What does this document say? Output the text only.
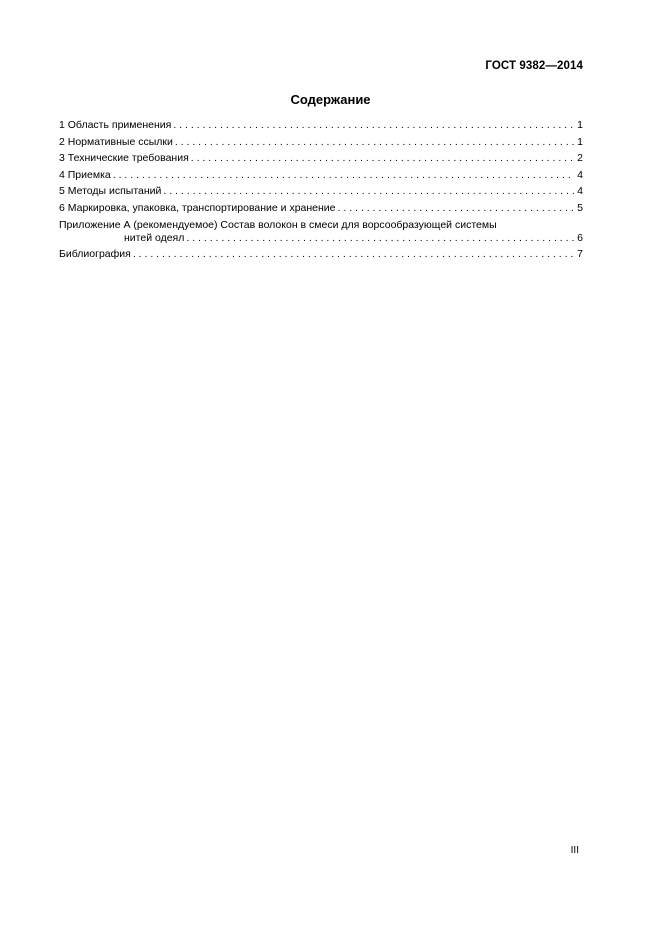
ГОСТ 9382—2014
Содержание
1 Область применения . . .	1
2 Нормативные ссылки . . .	1
3 Технические требования . . .	2
4 Приемка . . .	4
5 Методы испытаний . . .	4
6 Маркировка, упаковка, транспортирование и хранение . . .	5
Приложение А (рекомендуемое) Состав волокон в смеси для ворсообразующей системы
нитей одеял . . .	6
Библиография . . .	7
III
